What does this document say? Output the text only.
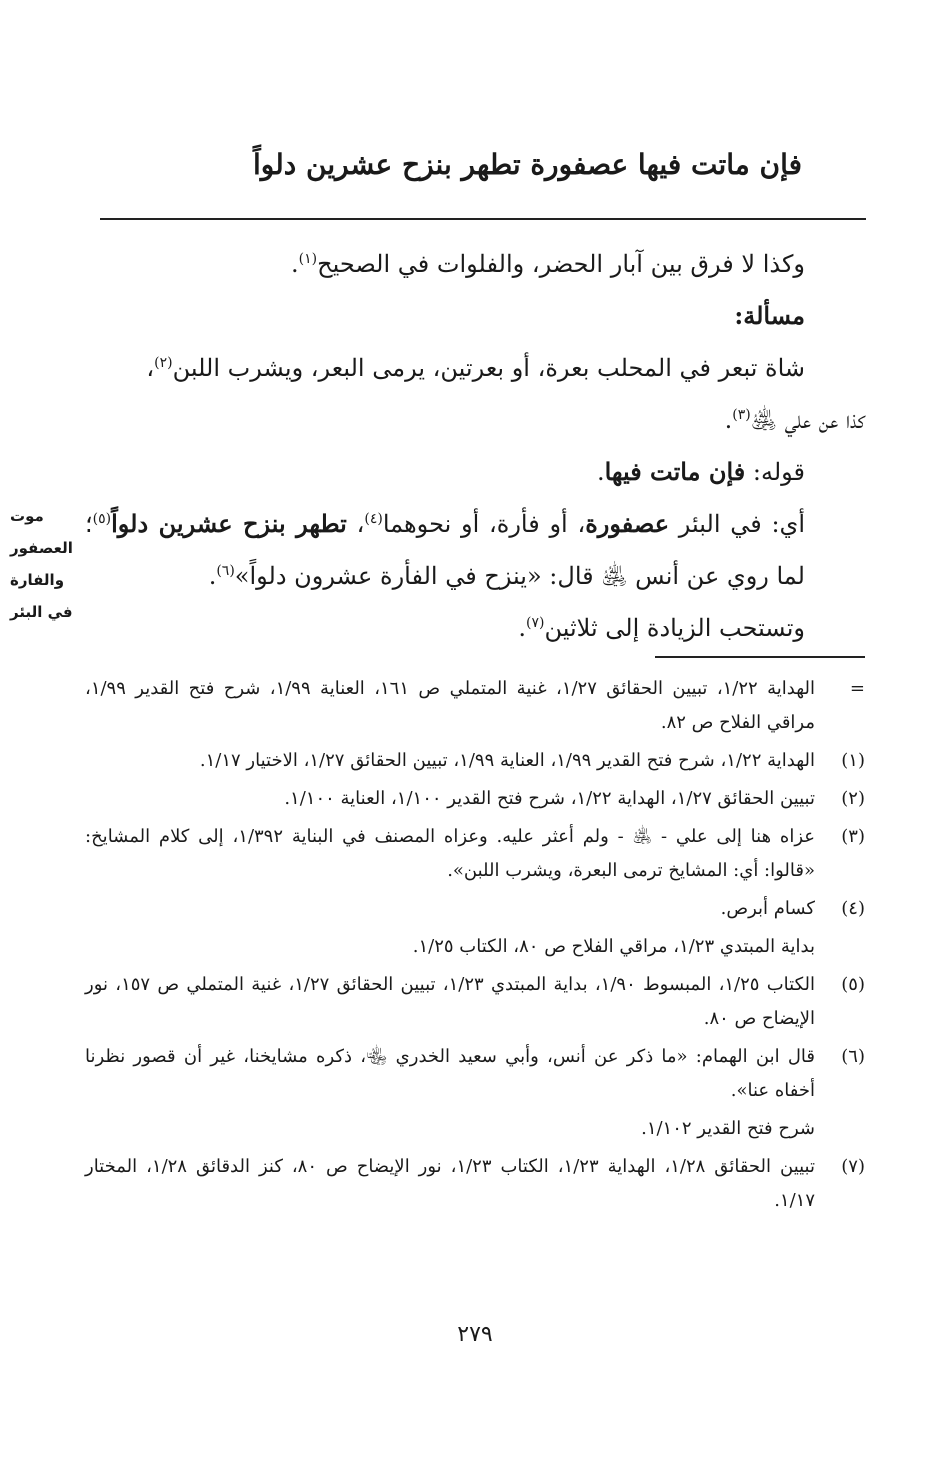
فإن ماتت فيها عصفورة تطهر بنزح عشرين دلواً

وكذا لا فرق بين آبار الحضر، والفلوات في الصحيح$^{(١)}$.

مسألة:

شاة تبعر في المحلب بعرة، أو بعرتين، يرمى البعر، ويشرب اللبن$^{(٢)}$،

كذا عن علي ﵁$^{(٣)}$.

قوله: فإن ماتت فيها.

أي: في البئر عصفورة، أو فأرة، أو نحوهما$^{(٤)}$، تطهر بنزح عشرين دلواً$^{(٥)}$؛ لما روي عن أنس ﵁ قال: «ينزح في الفأرة عشرون دلواً»$^{(٦)}$.

وتستحب الزيادة إلى ثلاثين$^{(٧)}$.

موت
العصفور
والفارة
في البئر
=
الهداية ١/٢٢، تبيين الحقائق ١/٢٧، غنية المتملي ص ١٦١، العناية ١/٩٩، شرح فتح القدير ١/٩٩، مراقي الفلاح ص ٨٢.
(١)
الهداية ١/٢٢، شرح فتح القدير ١/٩٩، العناية ١/٩٩، تبيين الحقائق ١/٢٧، الاختيار ١/١٧.
(٢)
تبيين الحقائق ١/٢٧، الهداية ١/٢٢، شرح فتح القدير ١/١٠٠، العناية ١/١٠٠.
(٣)
عزاه هنا إلى علي - ﵁ - ولم أعثر عليه. وعزاه المصنف في البناية ١/٣٩٢، إلى كلام المشايخ: «قالوا: أي: المشايخ ترمى البعرة، ويشرب اللبن».
(٤)
كسام أبرص.
بداية المبتدي ١/٢٣، مراقي الفلاح ص ٨٠، الكتاب ١/٢٥.
(٥)
الكتاب ١/٢٥، المبسوط ١/٩٠، بداية المبتدي ١/٢٣، تبيين الحقائق ١/٢٧، غنية المتملي ص ١٥٧، نور الإيضاح ص ٨٠.
(٦)
قال ابن الهمام: «ما ذكر عن أنس، وأبي سعيد الخدري ﵄، ذكره مشايخنا، غير أن قصور نظرنا أخفاه عنا».
شرح فتح القدير ١/١٠٢.
(٧)
تبيين الحقائق ١/٢٨، الهداية ١/٢٣، الكتاب ١/٢٣، نور الإيضاح ص ٨٠، كنز الدقائق ١/٢٨، المختار ١/١٧.
٢٧٩
